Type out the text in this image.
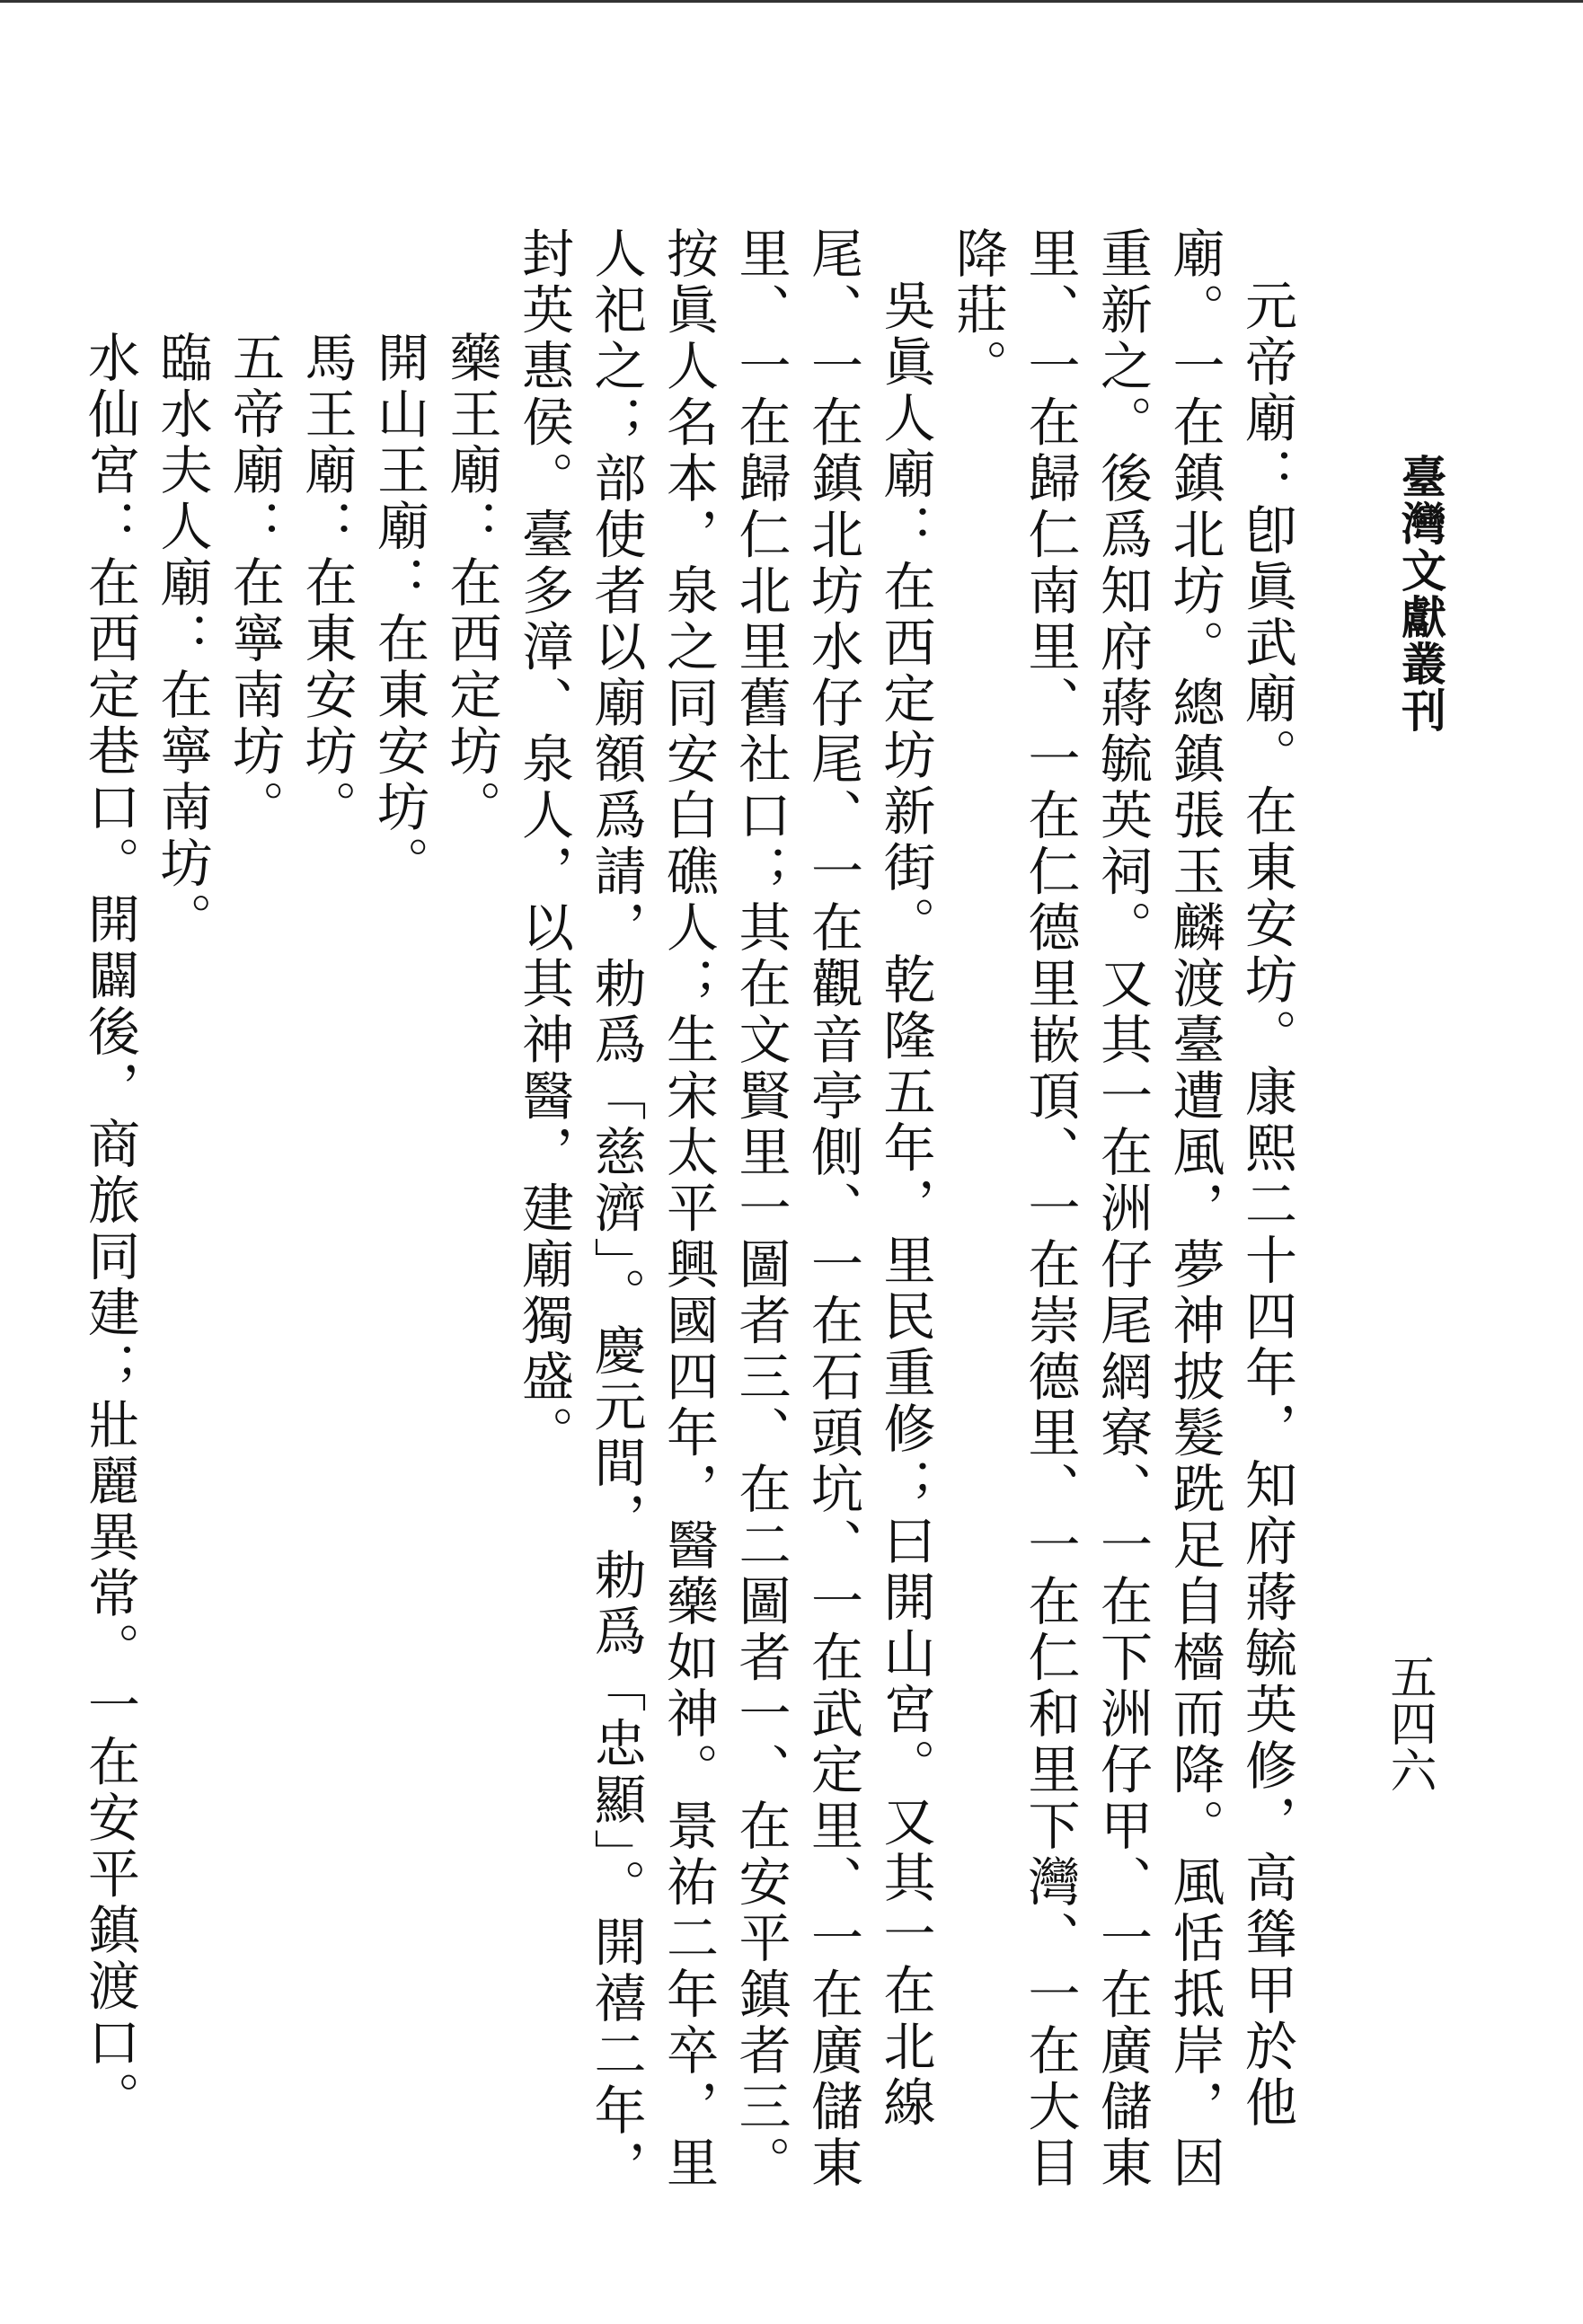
臺灣文獻叢刊
五四六

元帝廟：卽眞武廟。在東安坊。康熙二十四年，知府蔣毓英修，高聳甲於他廟。一在鎮北坊。總鎮張玉麟渡臺遭風，夢神披髮跣足自檣而降。風恬抵岸，因重新之。後爲知府蔣毓英祠。又其一在洲仔尾網寮、一在下洲仔甲、一在廣儲東里、一在歸仁南里、一在仁德里嵌頂、一在崇德里、一在仁和里下灣、一在大目降莊。

吳眞人廟：在西定坊新街。乾隆五年，里民重修；曰開山宮。又其一在北線尾、一在鎮北坊水仔尾、一在觀音亭側、一在石頭坑、一在武定里、一在廣儲東里、一在歸仁北里舊社口；其在文賢里一圖者三、在二圖者一、在安平鎮者三。按眞人名本，泉之同安白礁人；生宋太平興國四年，醫藥如神。景祐二年卒，里人祀之；部使者以廟額爲請，勅爲「慈濟」。慶元間，勅爲「忠顯」。開禧二年，封英惠侯。臺多漳、泉人，以其神醫，建廟獨盛。

藥王廟：在西定坊。

開山王廟：在東安坊。

馬王廟：在東安坊。

五帝廟：在寧南坊。

臨水夫人廟：在寧南坊。

水仙宮：在西定巷口。開闢後，商旅同建；壯麗異常。一在安平鎮渡口。
